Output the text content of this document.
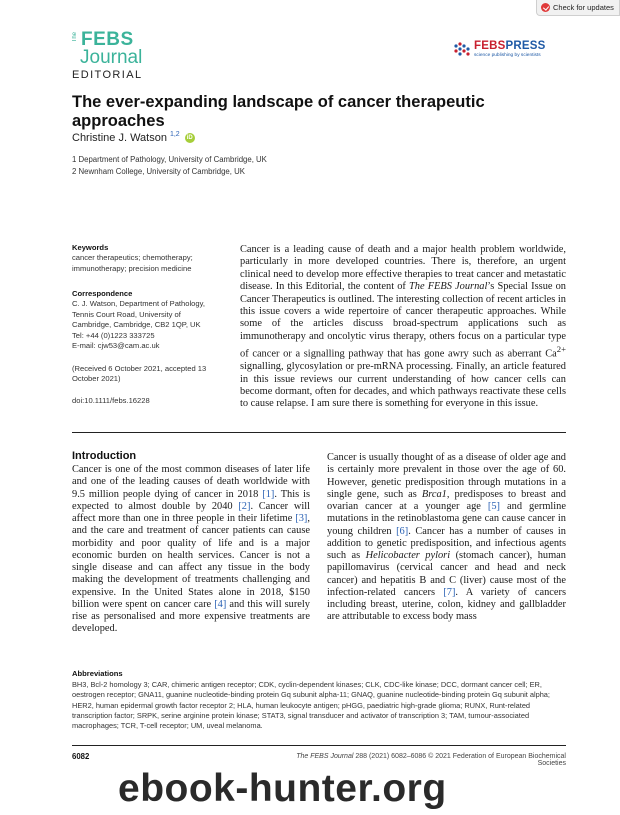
Check for updates
The FEBS
Journal
EDITORIAL
FEBSPRESS
science publishing by scientists
The ever-expanding landscape of cancer therapeutic approaches
Christine J. Watson $^{1,2}$
iD
1 Department of Pathology, University of Cambridge, UK
2 Newnham College, University of Cambridge, UK
Keywords
cancer therapeutics; chemotherapy; immunotherapy; precision medicine
Correspondence
C. J. Watson, Department of Pathology,
Tennis Court Road, University of
Cambridge, Cambridge, CB2 1QP, UK
Tel: +44 (0)1223 333725
E-mail: cjw53@cam.ac.uk
(Received 6 October 2021, accepted 13 October 2021)
doi:10.1111/febs.16228
Cancer is a leading cause of death and a major health problem worldwide, particularly in more developed countries. There is, therefore, an urgent clinical need to develop more effective therapies to treat cancer and metastatic disease. In this Editorial, the content of The FEBS Journal’s Special Issue on Cancer Therapeutics is outlined. The interesting collection of recent articles in this issue covers a wide repertoire of cancer therapeutic approaches. While some of the articles discuss broad-spectrum applications such as immunotherapy and oncolytic virus therapy, others focus on a particular type of cancer or a signalling pathway that has gone awry such as aberrant $Ca^{2+}$ signalling, glycosylation or pre-mRNA processing. Finally, an article featured in this issue reviews our current understanding of how cancer cells can become dormant, often for decades, and which pathways reactivate these cells to cause relapse. I am sure there is something for everyone in this issue.
Introduction
Cancer is one of the most common diseases of later life and one of the leading causes of death worldwide with 9.5 million people dying of cancer in 2018 [1]. This is expected to almost double by 2040 [2]. Cancer will affect more than one in three people in their lifetime [3], and the care and treatment of cancer patients can cause morbidity and poor quality of life and is a major economic burden on health services. Cancer is not a single disease and can affect any tissue in the body making the development of treatments challenging and expensive. In the United States alone in 2018, $150 billion were spent on cancer care [4] and this will surely rise as personalised and more expensive treatments are developed.
Cancer is usually thought of as a disease of older age and is certainly more prevalent in those over the age of 60. However, genetic predisposition through mutations in a single gene, such as Brca1, predisposes to breast and ovarian cancer at a younger age [5] and germline mutations in the retinoblastoma gene can cause cancer in young children [6]. Cancer has a number of causes in addition to genetic predisposition, and infectious agents such as Helicobacter pylori (stomach cancer), human papillomavirus (cervical cancer and head and neck cancer) and hepatitis B and C (liver) cause most of the infection-related cancers [7]. A variety of cancers including breast, uterine, colon, kidney and gallbladder are attributable to excess body mass
Abbreviations
BH3, Bcl-2 homology 3; CAR, chimeric antigen receptor; CDK, cyclin-dependent kinases; CLK, CDC-like kinase; DCC, dormant cancer cell; ER, oestrogen receptor; GNA11, guanine nucleotide-binding protein Gq subunit alpha-11; GNAQ, guanine nucleotide-binding protein Gq subunit alpha; HER2, human epidermal growth factor receptor 2; HLA, human leukocyte antigen; pHGG, paediatric high-grade glioma; RUNX, Runt-related transcription factor; SRPK, serine arginine protein kinase; STAT3, signal transducer and activator of transcription 3; TAM, tumour-associated macrophages; TCR, T-cell receptor; UM, uveal melanoma.
6082	The FEBS Journal 288 (2021) 6082–6086 © 2021 Federation of European Biochemical Societies
ebook-hunter.org
